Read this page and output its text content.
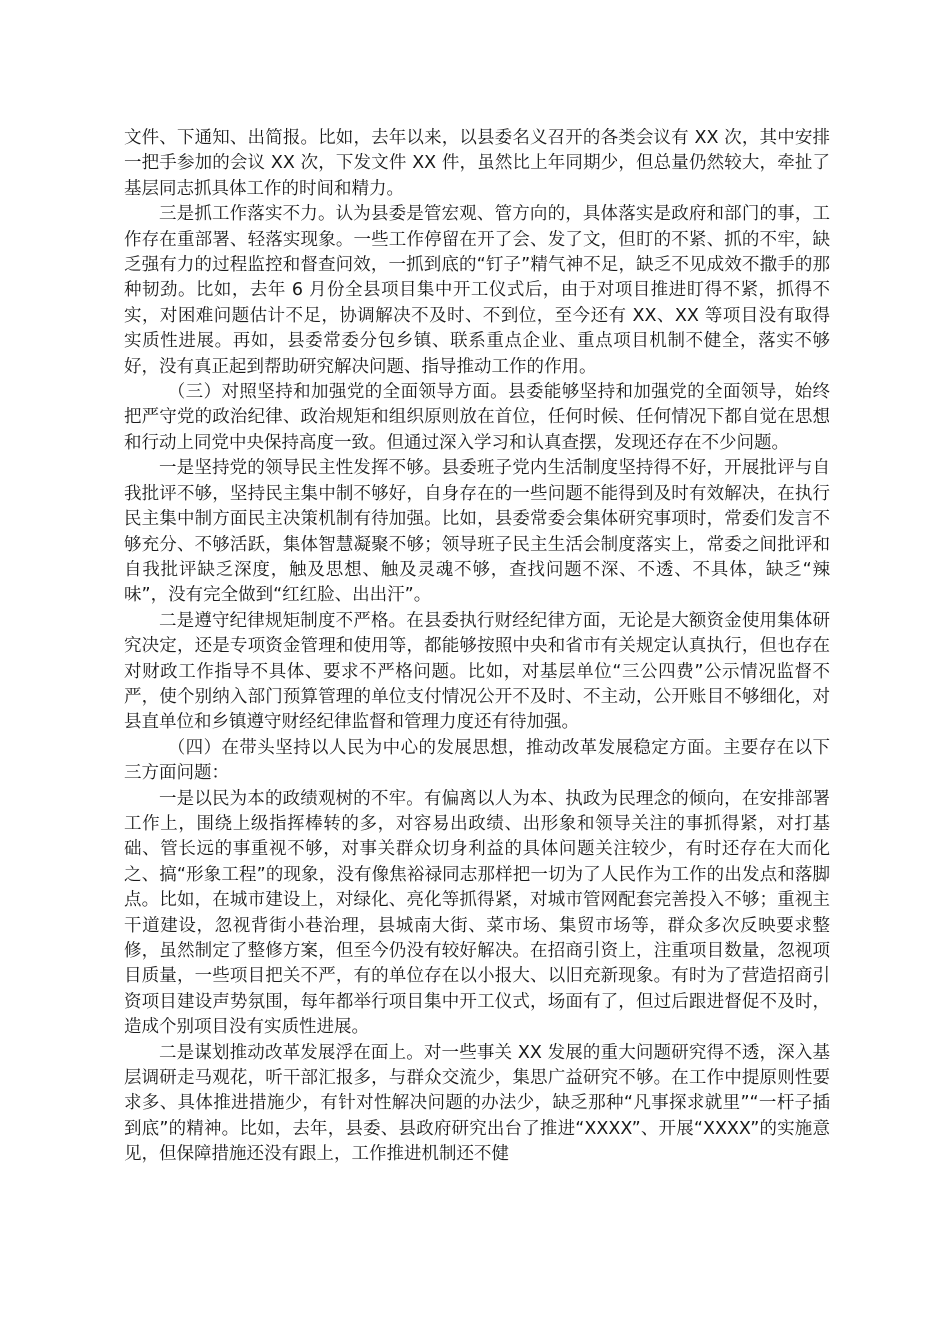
文件、下通知、出简报。比如，去年以来，以县委名义召开的各类会议有 XX 次，其中安排一把手参加的会议 XX 次，下发文件 XX 件，虽然比上年同期少，但总量仍然较大，牵扯了基层同志抓具体工作的时间和精力。

三是抓工作落实不力。认为县委是管宏观、管方向的，具体落实是政府和部门的事，工作存在重部署、轻落实现象。一些工作停留在开了会、发了文，但盯的不紧、抓的不牢，缺乏强有力的过程监控和督查问效，一抓到底的“钉子”精气神不足，缺乏不见成效不撒手的那种韧劲。比如，去年 6 月份全县项目集中开工仪式后，由于对项目推进盯得不紧，抓得不实，对困难问题估计不足，协调解决不及时、不到位，至今还有 XX、XX 等项目没有取得实质性进展。再如，县委常委分包乡镇、联系重点企业、重点项目机制不健全，落实不够好，没有真正起到帮助研究解决问题、指导推动工作的作用。

（三）对照坚持和加强党的全面领导方面。县委能够坚持和加强党的全面领导，始终把严守党的政治纪律、政治规矩和组织原则放在首位，任何时候、任何情况下都自觉在思想和行动上同党中央保持高度一致。但通过深入学习和认真查摆，发现还存在不少问题。

一是坚持党的领导民主性发挥不够。县委班子党内生活制度坚持得不好，开展批评与自我批评不够，坚持民主集中制不够好，自身存在的一些问题不能得到及时有效解决，在执行民主集中制方面民主决策机制有待加强。比如，县委常委会集体研究事项时，常委们发言不够充分、不够活跃，集体智慧凝聚不够；领导班子民主生活会制度落实上，常委之间批评和自我批评缺乏深度，触及思想、触及灵魂不够，查找问题不深、不透、不具体，缺乏“辣味”，没有完全做到“红红脸、出出汗”。

二是遵守纪律规矩制度不严格。在县委执行财经纪律方面，无论是大额资金使用集体研究决定，还是专项资金管理和使用等，都能够按照中央和省市有关规定认真执行，但也存在对财政工作指导不具体、要求不严格问题。比如，对基层单位“三公四费”公示情况监督不严，使个别纳入部门预算管理的单位支付情况公开不及时、不主动，公开账目不够细化，对县直单位和乡镇遵守财经纪律监督和管理力度还有待加强。

（四）在带头坚持以人民为中心的发展思想，推动改革发展稳定方面。主要存在以下三方面问题：

一是以民为本的政绩观树的不牢。有偏离以人为本、执政为民理念的倾向，在安排部署工作上，围绕上级指挥棒转的多，对容易出政绩、出形象和领导关注的事抓得紧，对打基础、管长远的事重视不够，对事关群众切身利益的具体问题关注较少，有时还存在大而化之、搞“形象工程”的现象，没有像焦裕禄同志那样把一切为了人民作为工作的出发点和落脚点。比如，在城市建设上，对绿化、亮化等抓得紧，对城市管网配套完善投入不够；重视主干道建设，忽视背街小巷治理，县城南大街、菜市场、集贸市场等，群众多次反映要求整修，虽然制定了整修方案，但至今仍没有较好解决。在招商引资上，注重项目数量，忽视项目质量，一些项目把关不严，有的单位存在以小报大、以旧充新现象。有时为了营造招商引资项目建设声势氛围，每年都举行项目集中开工仪式，场面有了，但过后跟进督促不及时，造成个别项目没有实质性进展。

二是谋划推动改革发展浮在面上。对一些事关 XX 发展的重大问题研究得不透，深入基层调研走马观花，听干部汇报多，与群众交流少，集思广益研究不够。在工作中提原则性要求多、具体推进措施少，有针对性解决问题的办法少，缺乏那种“凡事探求就里”“一杆子插到底”的精神。比如，去年，县委、县政府研究出台了推进“XXXX”、开展“XXXX”的实施意见，但保障措施还没有跟上，工作推进机制还不健
